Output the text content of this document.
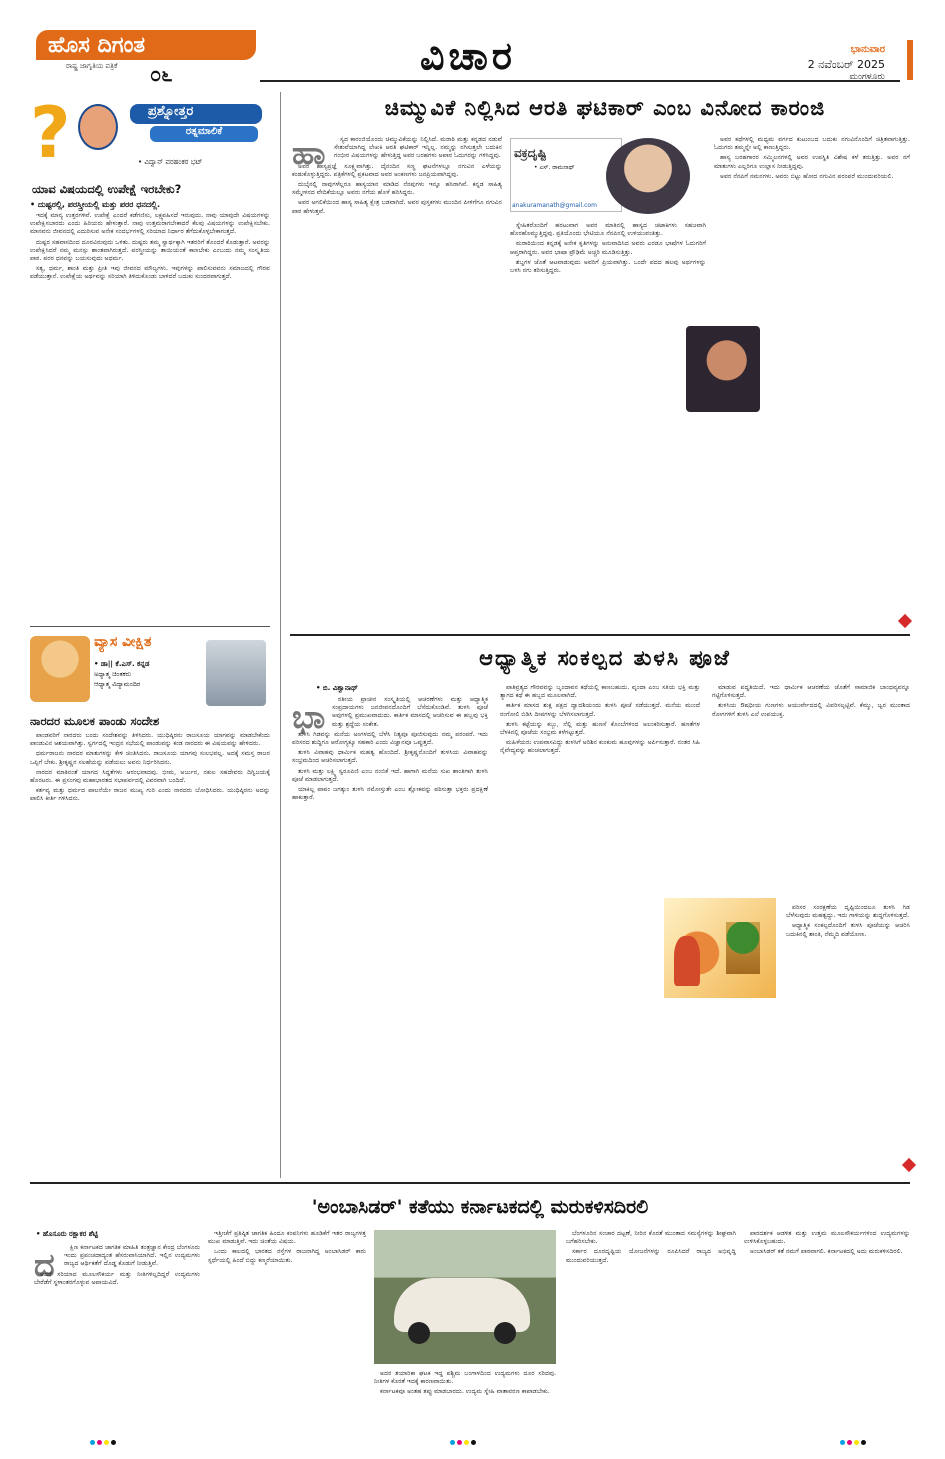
ಹೊಸ ದಿಗಂತ
ರಾಷ್ಟ್ರ ಜಾಗೃತಿಯ ಪತ್ರಿಕೆ	೦೬	ವಿಚಾರ	ಭಾನುವಾರ
2 ನವೆಂಬರ್ 2025
ಮಂಗಳೂರು
?	ಪ್ರಶ್ನೋತ್ತರ
ರತ್ನಮಾಲಿಕೆ
• ವಿದ್ವಾನ್ ವರಹಂಕರ ಭಟ್
ಯಾವ ವಿಷಯದಲ್ಲಿ ಉಪೇಕ್ಷೆ ಇರಬೇಕು?
• ದುಷ್ಟರಲ್ಲಿ, ಪರಸ್ತ್ರೀಯಲ್ಲಿ ಮತ್ತು ಪರರ ಧನದಲ್ಲಿ.

ಇದಕ್ಕೆ ಮಾನ್ಯ ಉತ್ತರಗಳಿವೆ. ಉಪೇಕ್ಷೆ ಎಂದರೆ ಕಡೆಗಣಿಸು, ಲಕ್ಷ್ಯವಹಿಸದೆ ಇರುವುದು. ನಾವು ಯಾವುದೇ ವಿಷಯಗಳನ್ನು ಉಪೇಕ್ಷಿಸಬಾರದು ಎಂದು ಹಿರಿಯರು ಹೇಳುತ್ತಾರೆ. ನಾವು ಉತ್ತಮರಾಗಬೇಕಾದರೆ ಕೆಲವು ವಿಷಯಗಳನ್ನು ಉಪೇಕ್ಷಿಸಬೇಕು. ಮಾನವನು ಜೀವನದಲ್ಲಿ ಎದುರಿಸುವ ಅನೇಕ ಸಂದರ್ಭಗಳಲ್ಲಿ ಸರಿಯಾದ ನಿರ್ಧಾರ ತೆಗೆದುಕೊಳ್ಳಬೇಕಾಗುತ್ತದೆ.

ದುಷ್ಟರ ಸಹವಾಸದಿಂದ ದೂರವಿರುವುದು ಒಳಿತು. ದುಷ್ಟರು ತಮ್ಮ ಸ್ವಾರ್ಥಕ್ಕಾಗಿ ಇತರರಿಗೆ ತೊಂದರೆ ಕೊಡುತ್ತಾರೆ. ಅವರನ್ನು ಉಪೇಕ್ಷಿಸಿದರೆ ನಮ್ಮ ಮನಸ್ಸು ಶಾಂತವಾಗಿರುತ್ತದೆ. ಪರಸ್ತ್ರೀಯನ್ನು ತಾಯಿಯಂತೆ ಕಾಣಬೇಕು ಎಂಬುದು ನಮ್ಮ ಸಂಸ್ಕೃತಿಯ ಪಾಠ. ಪರರ ಧನವನ್ನು ಬಯಸುವುದು ಅಧರ್ಮ.

ಸತ್ಯ, ಧರ್ಮ, ಶಾಂತಿ ಮತ್ತು ಪ್ರೀತಿ ಇವು ಜೀವನದ ಮೌಲ್ಯಗಳು. ಇವುಗಳನ್ನು ಪಾಲಿಸುವವನು ಸಮಾಜದಲ್ಲಿ ಗೌರವ ಪಡೆಯುತ್ತಾನೆ. ಉಪೇಕ್ಷೆಯ ಅರ್ಥವನ್ನು ಸರಿಯಾಗಿ ತಿಳಿದುಕೊಂಡು ಬಾಳಿದರೆ ಬದುಕು ಸುಂದರವಾಗುತ್ತದೆ.

ವ್ಯಾಸ ವೀಕ್ಷಿತ
• ಡಾ|| ಕೆ.ಎಸ್. ಕನ್ನಡ
ಅಧ್ಯಾತ್ಮ ಚಿಂತಕರು
ಆಧ್ಯಾತ್ಮ ವಿದ್ಯಾಮಂದಿರ
ನಾರದರ ಮೂಲಕ ಪಾಂಡು ಸಂದೇಶ

ಪಾಂಡವರಿಗೆ ನಾರದರು ಬಂದು ಸಂದೇಶವನ್ನು ತಿಳಿಸಿದರು. ಯುಧಿಷ್ಠಿರನು ರಾಜಸೂಯ ಯಾಗವನ್ನು ಮಾಡಬೇಕೆಂದು ಪಾಂಡುವಿನ ಆಶಯವಾಗಿತ್ತು. ಸ್ವರ್ಗದಲ್ಲಿ ಇಂದ್ರನ ಸಭೆಯಲ್ಲಿ ಪಾಂಡುವನ್ನು ಕಂಡ ನಾರದರು ಈ ವಿಷಯವನ್ನು ಹೇಳಿದರು.

ಧರ್ಮರಾಜನು ನಾರದರ ಮಾತುಗಳನ್ನು ಕೇಳಿ ಚಿಂತಿಸಿದನು. ರಾಜಸೂಯ ಯಾಗವು ಸುಲಭವಲ್ಲ. ಅದಕ್ಕೆ ಸಮಸ್ತ ರಾಜರ ಒಪ್ಪಿಗೆ ಬೇಕು. ಶ್ರೀಕೃಷ್ಣನ ಸಲಹೆಯನ್ನು ಪಡೆಯಲು ಅವನು ನಿರ್ಧರಿಸಿದನು.

ನಾರದರ ಮಾತಿನಂತೆ ಯಾಗದ ಸಿದ್ಧತೆಗಳು ಆರಂಭವಾದವು. ಭೀಮ, ಅರ್ಜುನ, ನಕುಲ ಸಹದೇವರು ದಿಗ್ವಿಜಯಕ್ಕೆ ಹೊರಟರು. ಈ ಪ್ರಸಂಗವು ಮಹಾಭಾರತದ ಸಭಾಪರ್ವದಲ್ಲಿ ವಿವರವಾಗಿ ಬಂದಿದೆ.

ಕರ್ತವ್ಯ ಮತ್ತು ಧರ್ಮದ ಪಾಲನೆಯೇ ರಾಜನ ಮುಖ್ಯ ಗುರಿ ಎಂದು ನಾರದರು ಬೋಧಿಸಿದರು. ಯುಧಿಷ್ಠಿರನು ಅದನ್ನು ಪಾಲಿಸಿ ಕೀರ್ತಿ ಗಳಿಸಿದನು.

ಚಿಮ್ಮುವಿಕೆ ನಿಲ್ಲಿಸಿದ ಆರತಿ ಘಟಿಕಾರ್ ಎಂಬ ವಿನೋದ ಕಾರಂಜಿ
ಹಾ	ಸ್ಯದ ಕಾರಂಜಿಯೊಂದು ಚಿಮ್ಮುವಿಕೆಯನ್ನು ನಿಲ್ಲಿಸಿದೆ. ಮರಾಠಿ ಮತ್ತು ಕನ್ನಡದ ನಡುವೆ ಸೇತುವೆಯಾಗಿದ್ದ ಲೇಖಕಿ ಆರತಿ ಘಟಿಕಾರ್ ಇನ್ನಿಲ್ಲ. ನಮ್ಮನ್ನು ನಗಿಸುತ್ತಲೇ ಬದುಕಿನ ಗಂಭೀರ ವಿಷಯಗಳನ್ನು ಹೇಳುತ್ತಿದ್ದ ಅವರ ಬರಹಗಳು ಅಪಾರ ಓದುಗರನ್ನು ಗಳಿಸಿದ್ದವು.

ಅವರ ಹಾಸ್ಯಪ್ರಜ್ಞೆ ಸೂಕ್ಷ್ಮವಾಗಿತ್ತು. ದೈನಂದಿನ ಸಣ್ಣ ಘಟನೆಗಳಲ್ಲೂ ನಗುವಿನ ಎಳೆಯನ್ನು ಕಂಡುಕೊಳ್ಳುತ್ತಿದ್ದರು. ಪತ್ರಿಕೆಗಳಲ್ಲಿ ಪ್ರಕಟವಾದ ಅವರ ಅಂಕಣಗಳು ಜನಪ್ರಿಯವಾಗಿದ್ದವು.

ದುಬೈನಲ್ಲಿ ನಾವುಗಳೆಲ್ಲರೂ ಹಾಸ್ಯಯಾನ ಮಾಡಿದ ನೆನಪುಗಳು ಇನ್ನೂ ಹಸಿರಾಗಿವೆ. ಕನ್ನಡ ಸಾಹಿತ್ಯ ಸಮ್ಮೇಳನದ ವೇದಿಕೆಯಲ್ಲೂ ಅವರು ನಗೆಯ ಹೊಳೆ ಹರಿಸಿದ್ದರು.

ಅವರ ಅಗಲಿಕೆಯಿಂದ ಹಾಸ್ಯ ಸಾಹಿತ್ಯ ಕ್ಷೇತ್ರ ಬಡವಾಗಿದೆ. ಅವರ ಪುಸ್ತಕಗಳು ಮುಂದಿನ ಪೀಳಿಗೆಗೂ ನಗುವಿನ ಪಾಠ ಹೇಳುತ್ತವೆ.

ವಕ್ರದೃಷ್ಟಿ
• ಎಸ್. ರಾಮನಾಥ್
anakuramanath@gmail.com

ಸ್ನೇಹಿತರೊಂದಿಗೆ ಹರಟುವಾಗ ಅವರ ಮಾತಿನಲ್ಲಿ ಹಾಸ್ಯದ ಚಟಾಕಿಗಳು ಸಹಜವಾಗಿ ಹೊರಹೊಮ್ಮುತ್ತಿದ್ದವು. ಪ್ರತಿಯೊಂದು ಭೇಟಿಯೂ ನೆನಪಿನಲ್ಲಿ ಉಳಿಯುವಂತಿತ್ತು.

ಮರಾಠಿಯಿಂದ ಕನ್ನಡಕ್ಕೆ ಅನೇಕ ಕೃತಿಗಳನ್ನು ಅನುವಾದಿಸಿದ ಅವರು ಎರಡೂ ಭಾಷೆಗಳ ಓದುಗರಿಗೆ ಆಪ್ತರಾಗಿದ್ದರು. ಅವರ ಭಾಷಾ ಪ್ರೌಢಿಮೆ ಅಚ್ಚರಿ ಮೂಡಿಸುತ್ತಿತ್ತು.

ಶಬ್ದಗಳ ಜೊತೆ ಆಟವಾಡುವುದು ಅವರಿಗೆ ಪ್ರಿಯವಾಗಿತ್ತು. ಒಂದೇ ಪದದ ಹಲವು ಅರ್ಥಗಳನ್ನು ಬಳಸಿ ನಗು ತರಿಸುತ್ತಿದ್ದರು.

ಅವರ ಕಥೆಗಳಲ್ಲಿ ಮಧ್ಯಮ ವರ್ಗದ ಕುಟುಂಬದ ಬದುಕು ನಗುವಿನೊಂದಿಗೆ ಚಿತ್ರಿತವಾಗುತ್ತಿತ್ತು. ಓದುಗರು ತಮ್ಮನ್ನೇ ಅಲ್ಲಿ ಕಾಣುತ್ತಿದ್ದರು.

ಹಾಸ್ಯ ಬರಹಗಾರರ ಸಮ್ಮಿಲನಗಳಲ್ಲಿ ಅವರ ಉಪಸ್ಥಿತಿ ವಿಶೇಷ ಕಳೆ ತರುತ್ತಿತ್ತು. ಅವರ ನಗೆ ಮಾತುಗಳು ಎಲ್ಲರಿಗೂ ಉಲ್ಲಾಸ ನೀಡುತ್ತಿದ್ದವು.

ಅವರ ನೆನಪಿಗೆ ನಮನಗಳು. ಅವರು ಬಿಟ್ಟು ಹೋದ ನಗುವಿನ ಪರಂಪರೆ ಮುಂದುವರಿಯಲಿ.

ಆಧ್ಯಾತ್ಮಿಕ ಸಂಕಲ್ಪದ ತುಳಸಿ ಪೂಜೆ
• ಬಿ. ವಿಶ್ವಾನಾಥ್
ಭಾ	ರತೀಯ ಪ್ರಾಚೀನ ಸಂಸ್ಕೃತಿಯಲ್ಲಿ ಆಚರಣೆಗಳು ಮತ್ತು ಆಧ್ಯಾತ್ಮಿಕ ಸಂಪ್ರದಾಯಗಳು ಜನಜೀವನದೊಂದಿಗೆ ಬೆಸೆದುಕೊಂಡಿವೆ. ತುಳಸಿ ಪೂಜೆ ಅವುಗಳಲ್ಲಿ ಪ್ರಮುಖವಾದುದು. ಕಾರ್ತಿಕ ಮಾಸದಲ್ಲಿ ಆಚರಿಸುವ ಈ ಹಬ್ಬವು ಭಕ್ತಿ ಮತ್ತು ಶ್ರದ್ಧೆಯ ಸಂಕೇತ.

ತುಳಸಿ ಗಿಡವನ್ನು ಮನೆಯ ಅಂಗಳದಲ್ಲಿ ಬೆಳೆಸಿ ನಿತ್ಯವೂ ಪೂಜಿಸುವುದು ನಮ್ಮ ಪರಂಪರೆ. ಇದು ಪರಿಸರದ ಶುದ್ಧಿಗೂ ಆರೋಗ್ಯಕ್ಕೂ ಸಹಕಾರಿ ಎಂದು ವಿಜ್ಞಾನವೂ ಒಪ್ಪುತ್ತದೆ.

ತುಳಸಿ ವಿವಾಹವು ಧಾರ್ಮಿಕ ಮಹತ್ವ ಹೊಂದಿದೆ. ಶ್ರೀಕೃಷ್ಣನೊಂದಿಗೆ ತುಳಸಿಯ ವಿವಾಹವನ್ನು ಸಂಭ್ರಮದಿಂದ ಆಚರಿಸಲಾಗುತ್ತದೆ.

ತುಳಸಿ ಮತ್ತು ಲಕ್ಷ್ಮಿ ಸ್ವರೂಪಿಣಿ ಎಂಬ ನಂಬಿಕೆ ಇದೆ. ಹಾಗಾಗಿ ಮನೆಯ ಸುಖ ಶಾಂತಿಗಾಗಿ ತುಳಸಿ ಪೂಜೆ ಮಾಡಲಾಗುತ್ತದೆ.

ಯಾಕಿಲ್ಲ ಪಾಪಂ ಜಗತ್ಕುಂ ತುಳಸಿ ನಮೋಸ್ತುತೇ ಎಂಬ ಶ್ಲೋಕವನ್ನು ಪಠಿಸುತ್ತಾ ಭಕ್ತರು ಪ್ರದಕ್ಷಿಣೆ ಹಾಕುತ್ತಾರೆ.

ಪಾತಿವ್ರತ್ಯದ ಗೌರವವನ್ನು ಬೃಂದಾವನ ಕಥೆಯಲ್ಲಿ ಕಾಣಬಹುದು. ವೃಂದಾ ಎಂಬ ಸತಿಯ ಭಕ್ತಿ ಮತ್ತು ತ್ಯಾಗದ ಕಥೆ ಈ ಹಬ್ಬದ ಮೂಲವಾಗಿದೆ.

ಕಾರ್ತಿಕ ಮಾಸದ ಶುಕ್ಲ ಪಕ್ಷದ ದ್ವಾದಶಿಯಂದು ತುಳಸಿ ಪೂಜೆ ನಡೆಯುತ್ತದೆ. ಮನೆಯ ಮುಂದೆ ರಂಗೋಲಿ ಬಿಡಿಸಿ ದೀಪಗಳನ್ನು ಬೆಳಗಿಸಲಾಗುತ್ತದೆ.

ತುಳಸಿ ಕಟ್ಟೆಯನ್ನು ಕಬ್ಬು, ನೆಲ್ಲಿ ಮತ್ತು ಹುಣಸೆ ಕೊಂಬೆಗಳಿಂದ ಅಲಂಕರಿಸುತ್ತಾರೆ. ಹಣತೆಗಳ ಬೆಳಕಿನಲ್ಲಿ ಪೂಜೆಯ ಸಂಭ್ರಮ ಕಳೆಗಟ್ಟುತ್ತದೆ.

ಮಹಿಳೆಯರು ಉಪವಾಸವಿದ್ದು ತುಳಸಿಗೆ ಅರಿಶಿನ ಕುಂಕುಮ ಹೂವುಗಳನ್ನು ಅರ್ಪಿಸುತ್ತಾರೆ. ನಂತರ ಸಿಹಿ ನೈವೇದ್ಯವನ್ನು ಹಂಚಲಾಗುತ್ತದೆ.

ಮಾಡುವ ಪದ್ಧತಿಯಿದೆ. ಇದು ಧಾರ್ಮಿಕ ಆಚರಣೆಯ ಜೊತೆಗೆ ಸಾಮಾಜಿಕ ಬಾಂಧವ್ಯವನ್ನೂ ಗಟ್ಟಿಗೊಳಿಸುತ್ತದೆ.

ತುಳಸಿಯ ಔಷಧೀಯ ಗುಣಗಳು ಆಯುರ್ವೇದದಲ್ಲಿ ವಿವರಿಸಲ್ಪಟ್ಟಿವೆ. ಕೆಮ್ಮು, ಜ್ವರ ಮುಂತಾದ ರೋಗಗಳಿಗೆ ತುಳಸಿ ಎಲೆ ಉಪಯುಕ್ತ.

ಪರಿಸರ ಸಂರಕ್ಷಣೆಯ ದೃಷ್ಟಿಯಿಂದಲೂ ತುಳಸಿ ಗಿಡ ಬೆಳೆಸುವುದು ಮಹತ್ವದ್ದು. ಇದು ಗಾಳಿಯನ್ನು ಶುದ್ಧಗೊಳಿಸುತ್ತದೆ.

ಆಧ್ಯಾತ್ಮಿಕ ಸಂಕಲ್ಪದೊಂದಿಗೆ ತುಳಸಿ ಪೂಜೆಯನ್ನು ಆಚರಿಸಿ ಬದುಕಿನಲ್ಲಿ ಶಾಂತಿ, ನೆಮ್ಮದಿ ಪಡೆಯೋಣ.

'ಅಂಬಾಸಿಡರ್' ಕತೆಯು ಕರ್ನಾಟಕದಲ್ಲಿ ಮರುಕಳಿಸದಿರಲಿ
• ಹೊಸೂರು ರಕ್ಷಾಕರ ಶೆಟ್ಟಿ
ದ	ಕ್ಷಿಣ ಕರ್ನಾಟಕದ ಜಾಗತಿಕ ಮಾಹಿತಿ ತಂತ್ರಜ್ಞಾನ ಕೇಂದ್ರ ಬೆಂಗಳೂರು ಇಂದು ಪ್ರಪಂಚದಾದ್ಯಂತ ಹೆಸರುವಾಸಿಯಾಗಿದೆ. ಇಲ್ಲಿನ ಉದ್ಯಮಗಳು ರಾಜ್ಯದ ಆರ್ಥಿಕತೆಗೆ ದೊಡ್ಡ ಕೊಡುಗೆ ನೀಡುತ್ತಿವೆ.

ಆದರೆ ಸರಿಯಾದ ಮೂಲಸೌಕರ್ಯ ಮತ್ತು ನೀತಿಗಳಿಲ್ಲದಿದ್ದರೆ ಉದ್ಯಮಗಳು ಬೇರೆಡೆಗೆ ಸ್ಥಳಾಂತರಗೊಳ್ಳುವ ಅಪಾಯವಿದೆ.

ಇತ್ತೀಚೆಗೆ ಪ್ರತಿಷ್ಠಿತ ಜಾಗತಿಕ ಹಿಂದೂ ಕಂಪನಿಗಳು ಹೂಡಿಕೆಗೆ ಇತರ ರಾಜ್ಯಗಳತ್ತ ಮುಖ ಮಾಡುತ್ತಿವೆ. ಇದು ಚಿಂತೆಯ ವಿಷಯ.

ಒಂದು ಕಾಲದಲ್ಲಿ ಭಾರತದ ರಸ್ತೆಗಳ ರಾಜನಾಗಿದ್ದ ಅಂಬಾಸಿಡರ್ ಕಾರು ಸ್ಪರ್ಧೆಯಲ್ಲಿ ಹಿಂದೆ ಬಿದ್ದು ಕಣ್ಮರೆಯಾಯಿತು.

ಅದರ ತಯಾರಿಕಾ ಘಟಕ ಇದ್ದ ಪಶ್ಚಿಮ ಬಂಗಾಳದಿಂದ ಉದ್ಯಮಗಳು ದೂರ ಸರಿದವು. ನೀತಿಗಳ ಕೊರತೆ ಇದಕ್ಕೆ ಕಾರಣವಾಯಿತು.

ಕರ್ನಾಟಕವೂ ಅಂತಹ ತಪ್ಪು ಮಾಡಬಾರದು. ಉದ್ಯಮ ಸ್ನೇಹಿ ವಾತಾವರಣ ಕಾಪಾಡಬೇಕು.

ಬೆಂಗಳೂರಿನ ಸಂಚಾರ ದಟ್ಟಣೆ, ನೀರಿನ ಕೊರತೆ ಮುಂತಾದ ಸಮಸ್ಯೆಗಳನ್ನು ಶೀಘ್ರವಾಗಿ ಬಗೆಹರಿಸಬೇಕು.

ಸರ್ಕಾರ ದೂರದೃಷ್ಟಿಯ ಯೋಜನೆಗಳನ್ನು ರೂಪಿಸಿದರೆ ರಾಜ್ಯದ ಅಭಿವೃದ್ಧಿ ಮುಂದುವರಿಯುತ್ತದೆ.

ಪಾರದರ್ಶಕ ಆಡಳಿತ ಮತ್ತು ಉತ್ತಮ ಮೂಲಸೌಕರ್ಯಗಳಿಂದ ಉದ್ಯಮಗಳನ್ನು ಉಳಿಸಿಕೊಳ್ಳಬಹುದು.

ಅಂಬಾಸಿಡರ್ ಕತೆ ನಮಗೆ ಪಾಠವಾಗಲಿ. ಕರ್ನಾಟಕದಲ್ಲಿ ಅದು ಮರುಕಳಿಸದಿರಲಿ.
